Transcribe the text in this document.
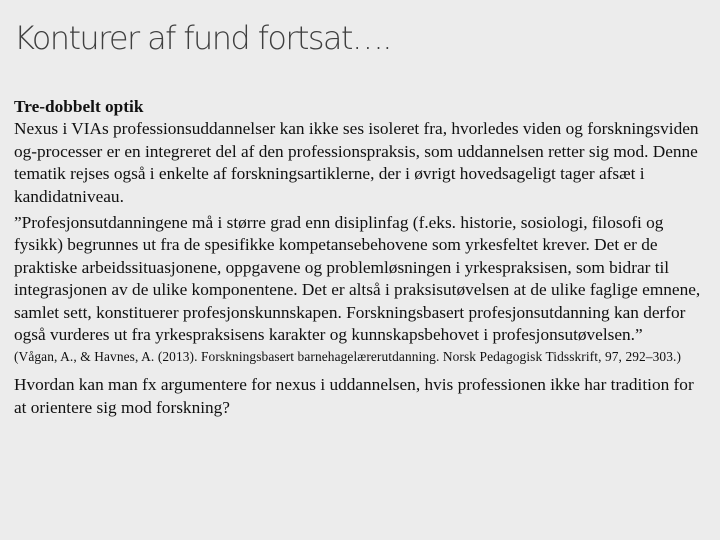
Konturer af fund fortsat….
Tre-dobbelt optik
Nexus i VIAs professionsuddannelser kan ikke ses isoleret fra, hvorledes viden og forskningsviden og-processer er en integreret del af den professionspraksis, som uddannelsen retter sig mod. Denne tematik rejses også i enkelte af forskningsartiklerne, der i øvrigt hovedsageligt tager afsæt i kandidatniveau.
”Profesjonsutdanningene må i større grad enn disiplinfag (f.eks. historie, sosiologi, filosofi og fysikk) begrunnes ut fra de spesifikke kompetansebehovene som yrkesfeltet krever. Det er de praktiske arbeidssituasjonene, oppgavene og problemløsningen i yrkespraksisen, som bidrar til integrasjonen av de ulike komponentene. Det er altså i praksisutøvelsen at de ulike faglige emnene, samlet sett, konstituerer profesjonskunnskapen. Forskningsbasert profesjonsutdanning kan derfor også vurderes ut fra yrkespraksisens karakter og kunnskapsbehovet i profesjonsutøvelsen.”
(Vågan, A., & Havnes, A. (2013). Forskningsbasert barnehagelærerutdanning. Norsk Pedagogisk Tidsskrift, 97, 292–303.)
Hvordan kan man fx argumentere for nexus i uddannelsen, hvis professionen ikke har tradition for at orientere sig mod forskning?
